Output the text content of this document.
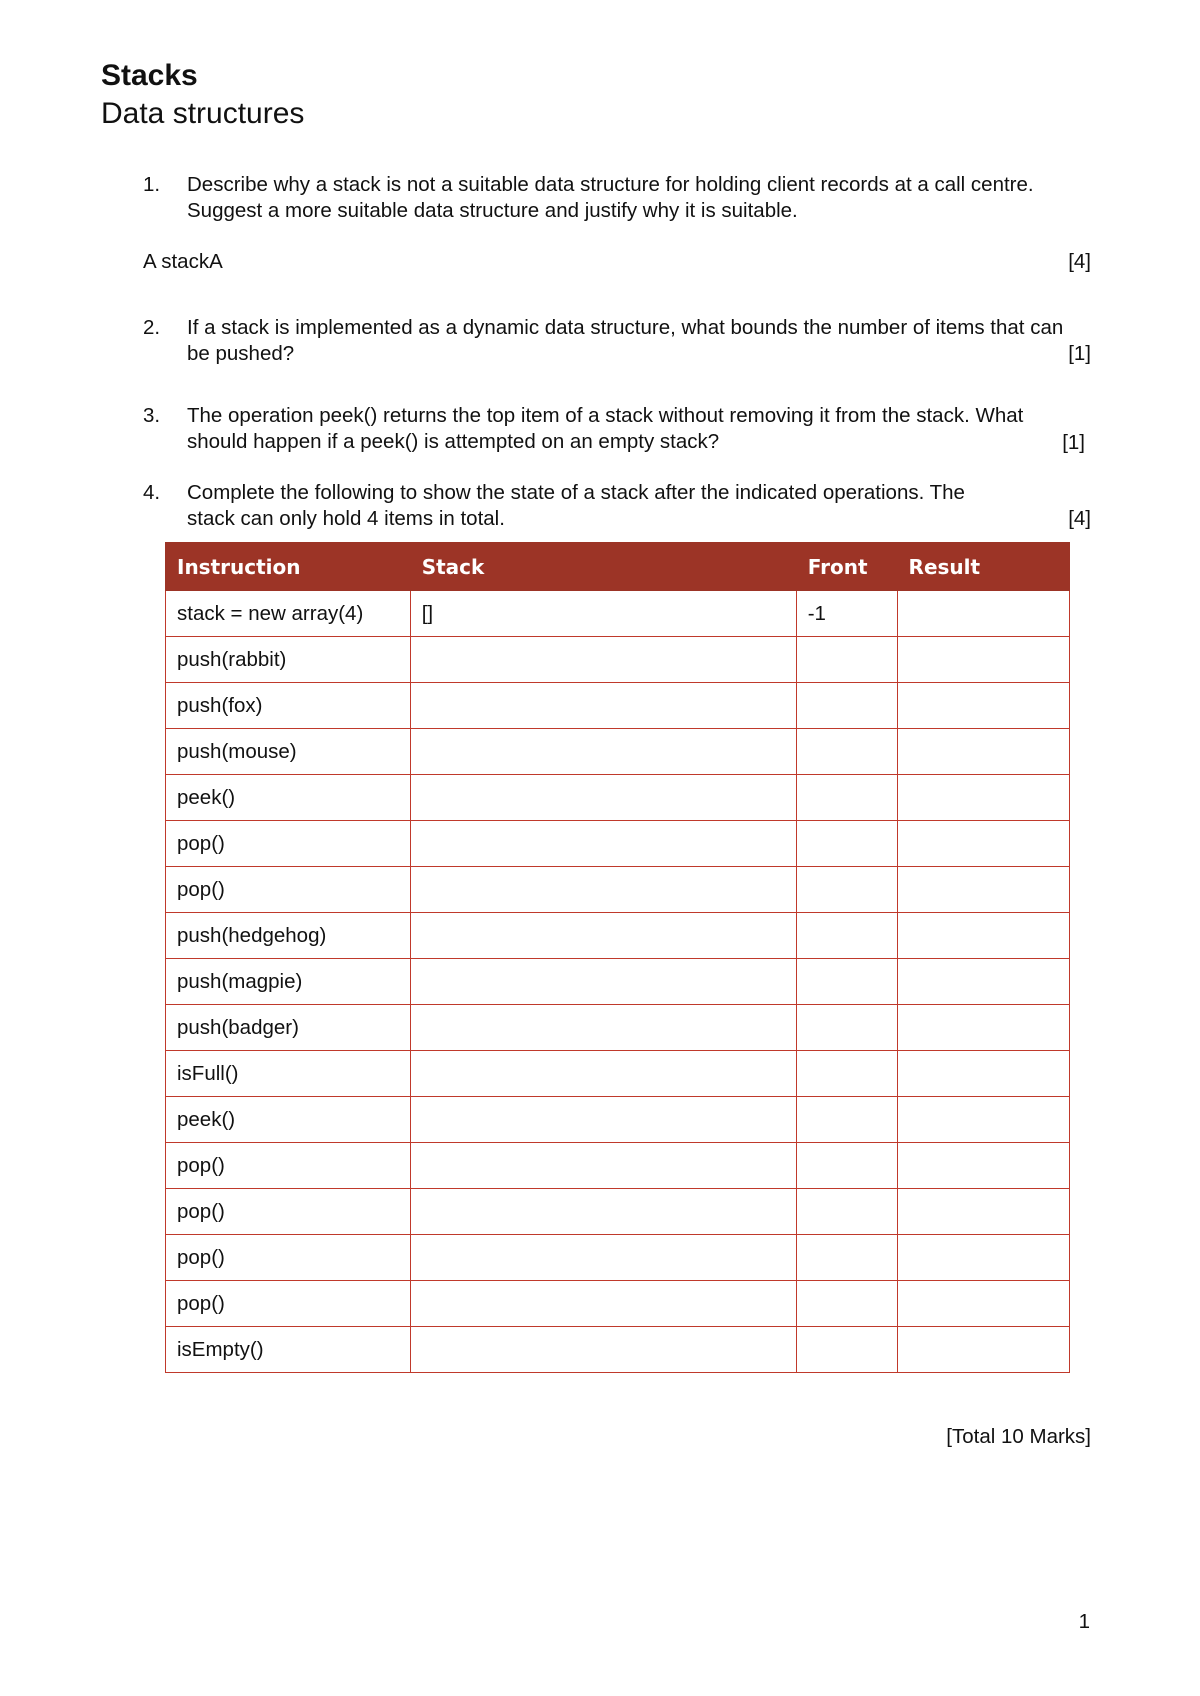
Stacks
Data structures
1. Describe why a stack is not a suitable data structure for holding client records at a call centre. Suggest a more suitable data structure and justify why it is suitable.
A stackA	[4]
2. If a stack is implemented as a dynamic data structure, what bounds the number of items that can be pushed?	[1]
3. The operation peek() returns the top item of a stack without removing it from the stack. What should happen if a peek() is attempted on an empty stack?	[1]
4. Complete the following to show the state of a stack after the indicated operations. The stack can only hold 4 items in total.	[4]
Instruction	Stack	Front	Result
stack = new array(4)	[]	-1	
push(rabbit)			
push(fox)			
push(mouse)			
peek()			
pop()			
pop()			
push(hedgehog)			
push(magpie)			
push(badger)			
isFull()			
peek()			
pop()			
pop()			
pop()			
pop()			
isEmpty()			
[Total 10 Marks]
1
